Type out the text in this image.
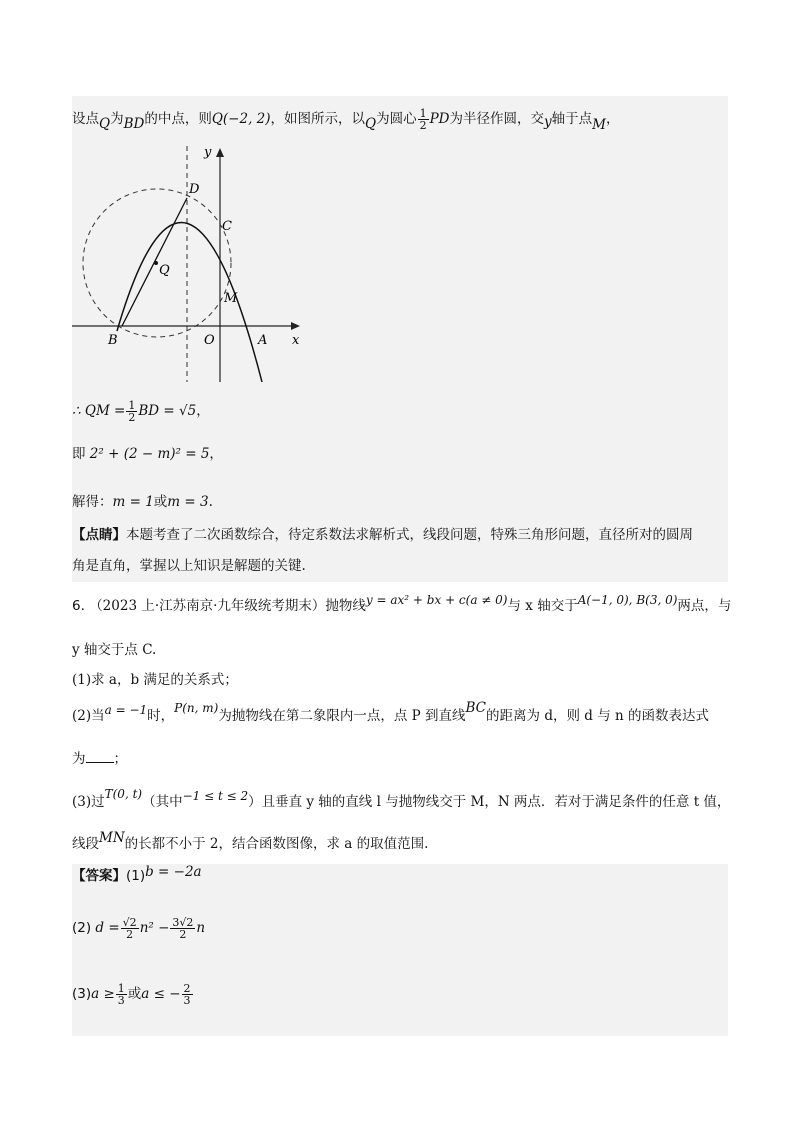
设点Q为BD的中点，则Q(−2, 2)，如图所示，以Q为圆心 $\frac{1}{2}$ PD为半径作圆，交y轴于点M，
y
x
D
C
Q
M
B	O	A
∴ QM = $\frac{1}{2}$ BD = √5，
即 2² + (2 − m)² = 5，
解得：m = 1或m = 3.
【点睛】本题考查了二次函数综合，待定系数法求解析式，线段问题，特殊三角形问题，直径所对的圆周
角是直角，掌握以上知识是解题的关键.
6. （2023 上·江苏南京·九年级统考期末）抛物线y = ax² + bx + c(a ≠ 0)与 x 轴交于A(−1, 0), B(3, 0)两点，与
y 轴交于点 C.
(1)求 a，b 满足的关系式；
(2)当a = −1时，P(n, m)为抛物线在第二象限内一点，点 P 到直线BC的距离为 d，则 d 与 n 的函数表达式
为 ；
(3)过T(0, t)（其中−1 ≤ t ≤ 2）且垂直 y 轴的直线 l 与抛物线交于 M，N 两点．若对于满足条件的任意 t 值，
线段MN的长都不小于 2，结合函数图像，求 a 的取值范围.
【答案】(1)b = −2a
(2) $d = \frac{√2}{2} n^2 - \frac{3√2}{2}$ n
$(3)a \ge \frac{1}{3}$ 或a ≤ − $\frac{2}{3}$
